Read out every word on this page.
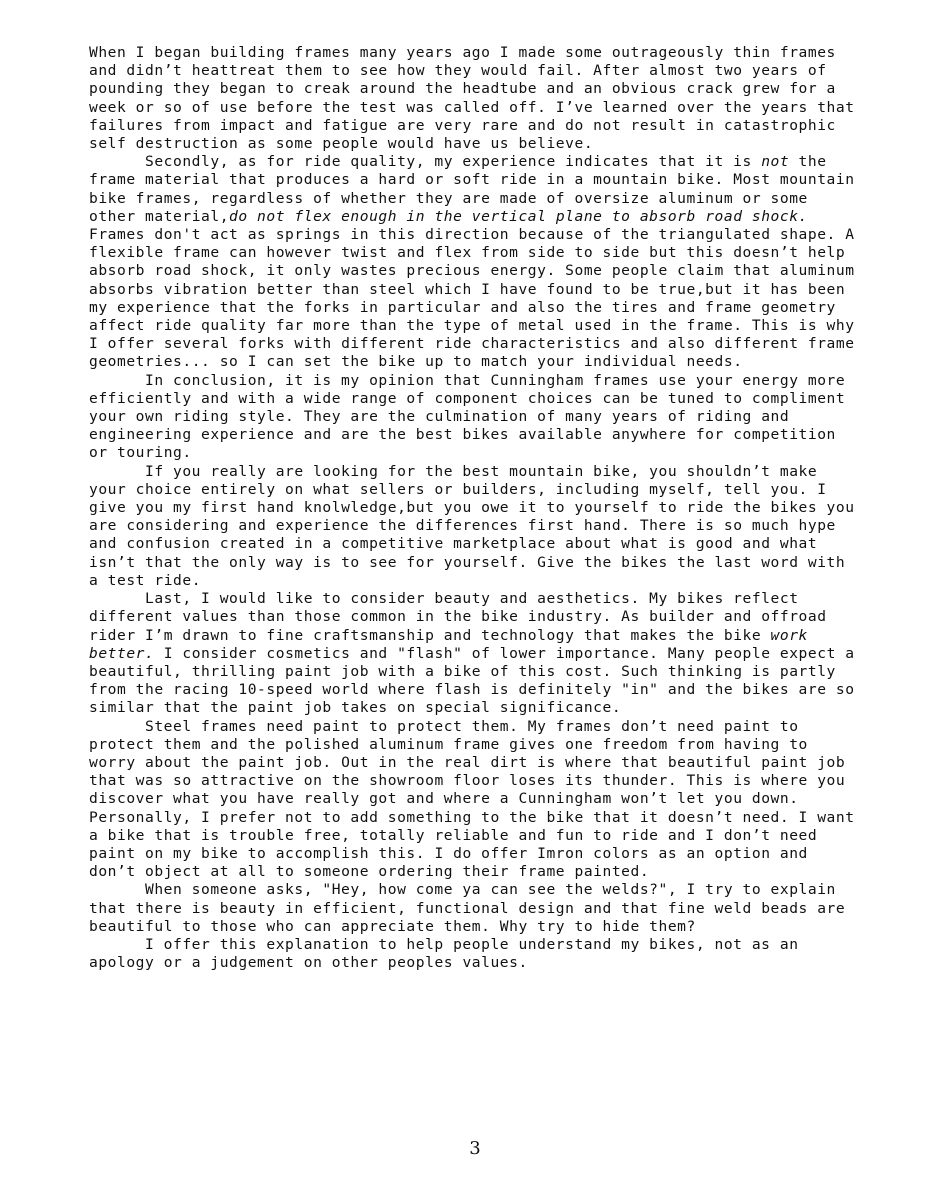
When I began building frames many years ago I made some outrageously thin frames and didn’t heattreat them to see how they would fail. After almost two years of pounding they began to creak around the headtube and an obvious crack grew for a week or so of use before the test was called off. I’ve learned over the years that failures from impact and fatigue are very rare and do not result in catastrophic self destruction as some people would have us believe.

Secondly, as for ride quality, my experience indicates that it is not the frame material that produces a hard or soft ride in a mountain bike. Most mountain bike frames, regardless of whether they are made of oversize aluminum or some other material,do not flex enough in the vertical plane to absorb road shock. Frames don't act as springs in this direction because of the triangulated shape. A flexible frame can however twist and flex from side to side but this doesn’t help absorb road shock, it only wastes precious energy. Some people claim that aluminum absorbs vibration better than steel which I have found to be true,but it has been my experience that the forks in particular and also the tires and frame geometry affect ride quality far more than the type of metal used in the frame. This is why I offer several forks with different ride characteristics and also different frame geometries... so I can set the bike up to match your individual needs.

In conclusion, it is my opinion that Cunningham frames use your energy more efficiently and with a wide range of component choices can be tuned to compliment your own riding style. They are the culmination of many years of riding and engineering experience and are the best bikes available anywhere for competition or touring.

If you really are looking for the best mountain bike, you shouldn’t make your choice entirely on what sellers or builders, including myself, tell you. I give you my first hand knolwledge,but you owe it to yourself to ride the bikes you are considering and experience the differences first hand. There is so much hype and confusion created in a competitive marketplace about what is good and what isn’t that the only way is to see for yourself. Give the bikes the last word with a test ride.

Last, I would like to consider beauty and aesthetics. My bikes reflect different values than those common in the bike industry. As builder and offroad rider I’m drawn to fine craftsmanship and technology that makes the bike work better. I consider cosmetics and "flash" of lower importance. Many people expect a beautiful, thrilling paint job with a bike of this cost. Such thinking is partly from the racing 10-speed world where flash is definitely "in" and the bikes are so similar that the paint job takes on special significance.

Steel frames need paint to protect them. My frames don’t need paint to protect them and the polished aluminum frame gives one freedom from having to worry about the paint job. Out in the real dirt is where that beautiful paint job that was so attractive on the showroom floor loses its thunder. This is where you discover what you have really got and where a Cunningham won’t let you down. Personally, I prefer not to add something to the bike that it doesn’t need. I want a bike that is trouble free, totally reliable and fun to ride and I don’t need paint on my bike to accomplish this. I do offer Imron colors as an option and don’t object at all to someone ordering their frame painted.

When someone asks, "Hey, how come ya can see the welds?", I try to explain that there is beauty in efficient, functional design and that fine weld beads are beautiful to those who can appreciate them. Why try to hide them?

I offer this explanation to help people understand my bikes, not as an apology or a judgement on other peoples values.

3
